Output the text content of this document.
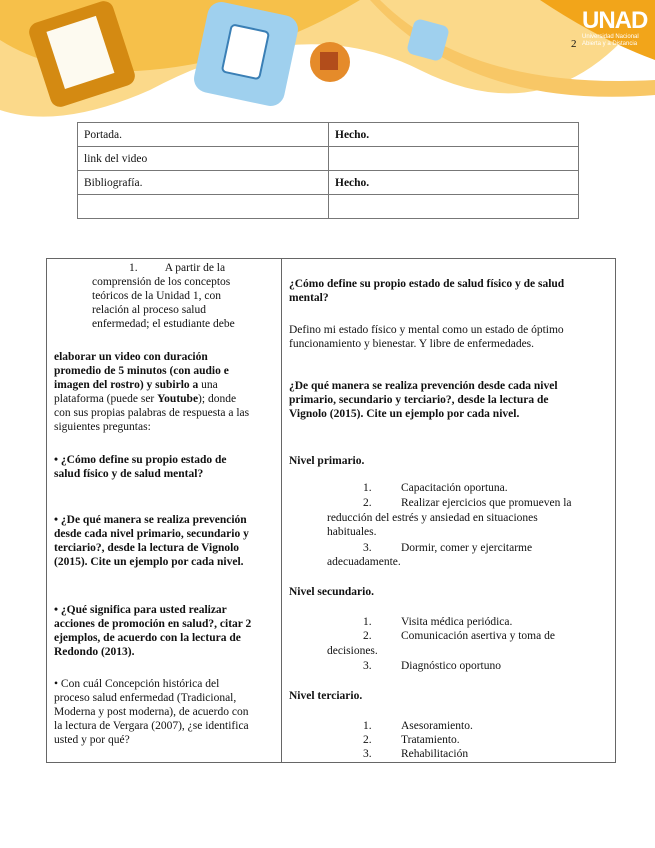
UNAD
Universidad Nacional Abierta y a Distancia
2
Portada.	Hecho.
link del video	
Bibliografía.	Hecho.

1. A partir de la
comprensión de los conceptos
teóricos de la Unidad 1, con
relación al proceso salud
enfermedad; el estudiante debe
elaborar un video con duración
promedio de 5 minutos (con audio e
imagen del rostro) y subirlo a una
plataforma (puede ser Youtube); donde
con sus propias palabras de respuesta a las
siguientes preguntas:
• ¿Cómo define su propio estado de
salud físico y de salud mental?
• ¿De qué manera se realiza prevención
desde cada nivel primario, secundario y
terciario?, desde la lectura de Vignolo
(2015). Cite un ejemplo por cada nivel.
• ¿Qué significa para usted realizar
acciones de promoción en salud?, citar 2
ejemplos, de acuerdo con la lectura de
Redondo (2013).
• Con cuál Concepción histórica del
proceso salud enfermedad (Tradicional,
Moderna y post moderna), de acuerdo con
la lectura de Vergara (2007), ¿se identifica
usted y por qué?
¿Cómo define su propio estado de salud físico y de salud
mental?
Defino mi estado físico y mental como un estado de óptimo
funcionamiento y bienestar. Y libre de enfermedades.
¿De qué manera se realiza prevención desde cada nivel
primario, secundario y terciario?, desde la lectura de
Vignolo (2015). Cite un ejemplo por cada nivel.
Nivel primario.
1.	Capacitación oportuna.
2.	Realizar ejercicios que promueven la
reducción del estrés y ansiedad en situaciones
habituales.
3.	Dormir, comer y ejercitarme
adecuadamente.
Nivel secundario.
1.	Visita médica periódica.
2.	Comunicación asertiva y toma de
decisiones.
3.	Diagnóstico oportuno
Nivel terciario.
1.	Asesoramiento.
2.	Tratamiento.
3.	Rehabilitación
